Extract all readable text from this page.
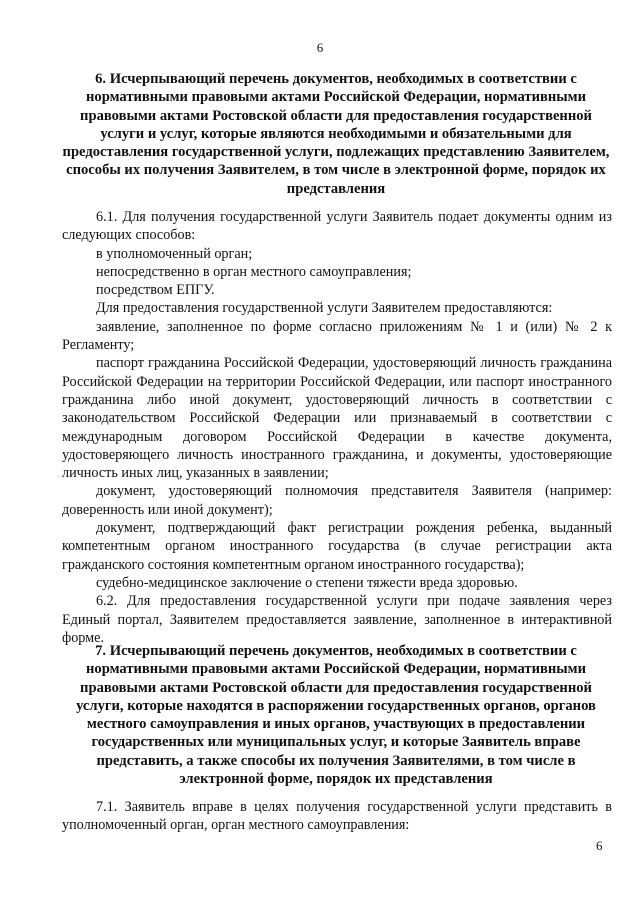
6
6. Исчерпывающий перечень документов, необходимых в соответствии с нормативными правовыми актами Российской Федерации, нормативными правовыми актами Ростовской области для предоставления государственной услуги и услуг, которые являются необходимыми и обязательными для предоставления государственной услуги, подлежащих представлению Заявителем, способы их получения Заявителем, в том числе в электронной форме, порядок их представления

6.1. Для получения государственной услуги Заявитель подает документы одним из следующих способов:

в уполномоченный орган;

непосредственно в орган местного самоуправления;

посредством ЕПГУ.

Для предоставления государственной услуги Заявителем предоставляются:

заявление, заполненное по форме согласно приложениям № 1 и (или) № 2 к Регламенту;

паспорт гражданина Российской Федерации, удостоверяющий личность гражданина Российской Федерации на территории Российской Федерации, или паспорт иностранного гражданина либо иной документ, удостоверяющий личность в соответствии с законодательством Российской Федерации или признаваемый в соответствии с международным договором Российской Федерации в качестве документа, удостоверяющего личность иностранного гражданина, и документы, удостоверяющие личность иных лиц, указанных в заявлении;

документ, удостоверяющий полномочия представителя Заявителя (например: доверенность или иной документ);

документ, подтверждающий факт регистрации рождения ребенка, выданный компетентным органом иностранного государства (в случае регистрации акта гражданского состояния компетентным органом иностранного государства);

судебно-медицинское заключение о степени тяжести вреда здоровью.

6.2. Для предоставления государственной услуги при подаче заявления через Единый портал, Заявителем предоставляется заявление, заполненное в интерактивной форме.

7. Исчерпывающий перечень документов, необходимых в соответствии с нормативными правовыми актами Российской Федерации, нормативными правовыми актами Ростовской области для предоставления государственной услуги, которые находятся в распоряжении государственных органов, органов местного самоуправления и иных органов, участвующих в предоставлении государственных или муниципальных услуг, и которые Заявитель вправе представить, а также способы их получения Заявителями, в том числе в электронной форме, порядок их представления

7.1. Заявитель вправе в целях получения государственной услуги представить в уполномоченный орган, орган местного самоуправления:

6
